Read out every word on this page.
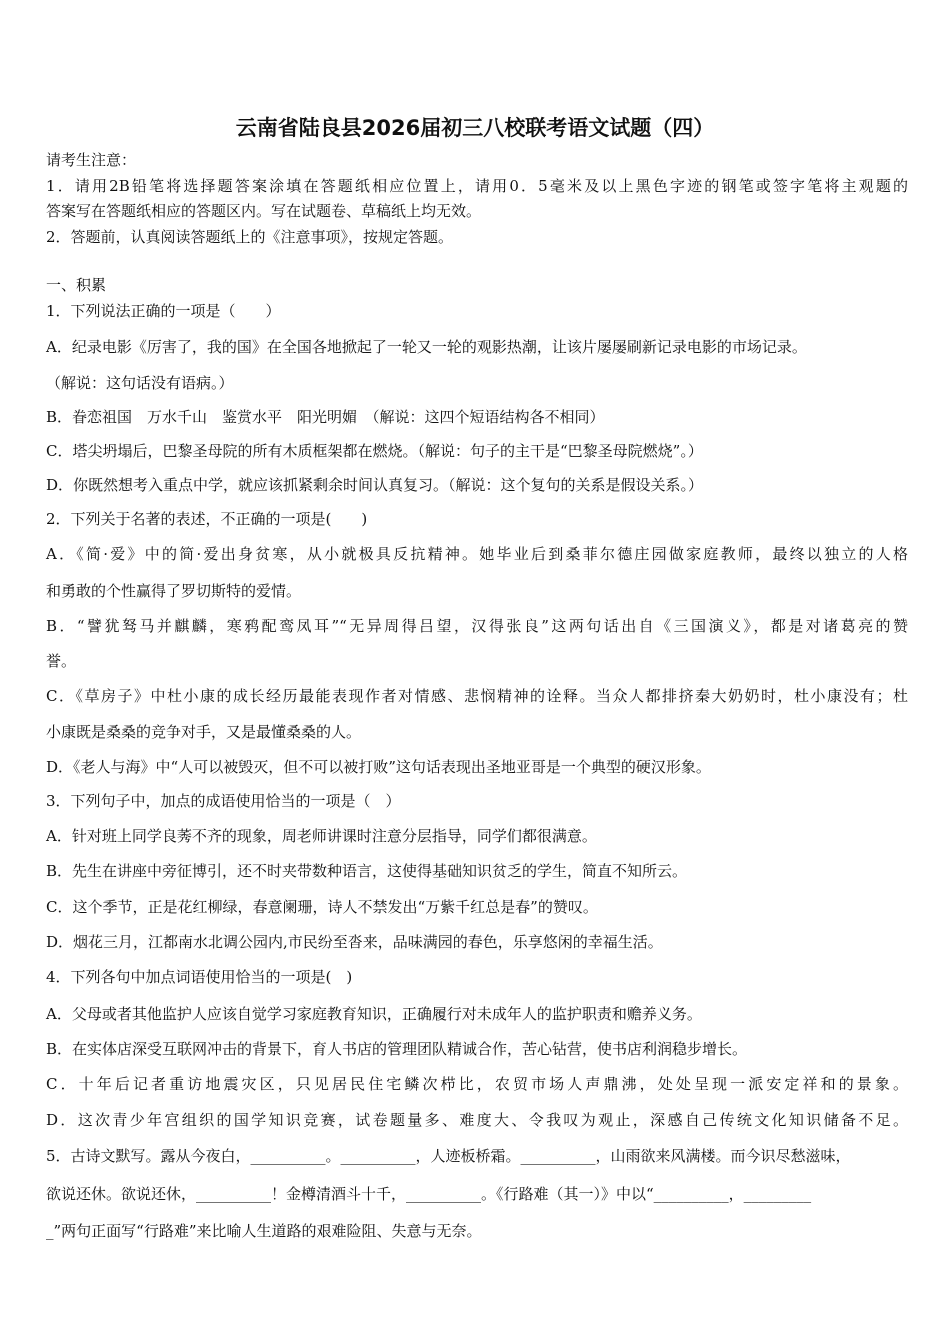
云南省陆良县2026届初三八校联考语文试题（四）
请考生注意：
1．请用2B铅笔将选择题答案涂填在答题纸相应位置上，请用0．5毫米及以上黑色字迹的钢笔或签字笔将主观题的
答案写在答题纸相应的答题区内。写在试题卷、草稿纸上均无效。
2．答题前，认真阅读答题纸上的《注意事项》，按规定答题。
一、积累
1．下列说法正确的一项是（　　）
A．纪录电影《厉害了，我的国》在全国各地掀起了一轮又一轮的观影热潮，让该片屡屡刷新记录电影的市场记录。
（解说：这句话没有语病。）
B．眷恋祖国　万水千山　鉴赏水平　阳光明媚　（解说：这四个短语结构各不相同）
C．塔尖坍塌后，巴黎圣母院的所有木质框架都在燃烧。（解说：句子的主干是“巴黎圣母院燃烧”。）
D．你既然想考入重点中学，就应该抓紧剩余时间认真复习。（解说：这个复句的关系是假设关系。）
2．下列关于名著的表述，不正确的一项是(　　)
A．《简·爱》中的简·爱出身贫寒，从小就极具反抗精神。她毕业后到桑菲尔德庄园做家庭教师，最终以独立的人格
和勇敢的个性赢得了罗切斯特的爱情。
B．“譬犹驽马并麒麟，寒鸦配鸾凤耳”“无异周得吕望，汉得张良”这两句话出自《三国演义》，都是对诸葛亮的赞
誉。
C．《草房子》中杜小康的成长经历最能表现作者对情感、悲悯精神的诠释。当众人都排挤秦大奶奶时，杜小康没有；杜
小康既是桑桑的竞争对手，又是最懂桑桑的人。
D．《老人与海》中“人可以被毁灭，但不可以被打败”这句话表现出圣地亚哥是一个典型的硬汉形象。
3．下列句子中，加点的成语使用恰当的一项是（　）
A．针对班上同学良莠不齐的现象，周老师讲课时注意分层指导，同学们都很满意。
B．先生在讲座中旁征博引，还不时夹带数种语言，这使得基础知识贫乏的学生，简直不知所云。
C．这个季节，正是花红柳绿，春意阑珊，诗人不禁发出“万紫千红总是春”的赞叹。
D．烟花三月，江都南水北调公园内,市民纷至沓来，品味满园的春色，乐享悠闲的幸福生活。
4．下列各句中加点词语使用恰当的一项是(　)
A．父母或者其他监护人应该自觉学习家庭教育知识，正确履行对未成年人的监护职责和赡养义务。
B．在实体店深受互联网冲击的背景下，育人书店的管理团队精诚合作，苦心钻营，使书店利润稳步增长。
C．十年后记者重访地震灾区，只见居民住宅鳞次栉比，农贸市场人声鼎沸，处处呈现一派安定祥和的景象。
D．这次青少年宫组织的国学知识竞赛，试卷题量多、难度大、令我叹为观止，深感自己传统文化知识储备不足。
5．古诗文默写。露从今夜白，__________。__________，人迹板桥霜。__________，山雨欲来风满楼。而今识尽愁滋味，
欲说还休。欲说还休，__________！金樽清酒斗十千，__________。《行路难（其一）》中以“__________，_________
_”两句正面写“行路难”来比喻人生道路的艰难险阻、失意与无奈。
